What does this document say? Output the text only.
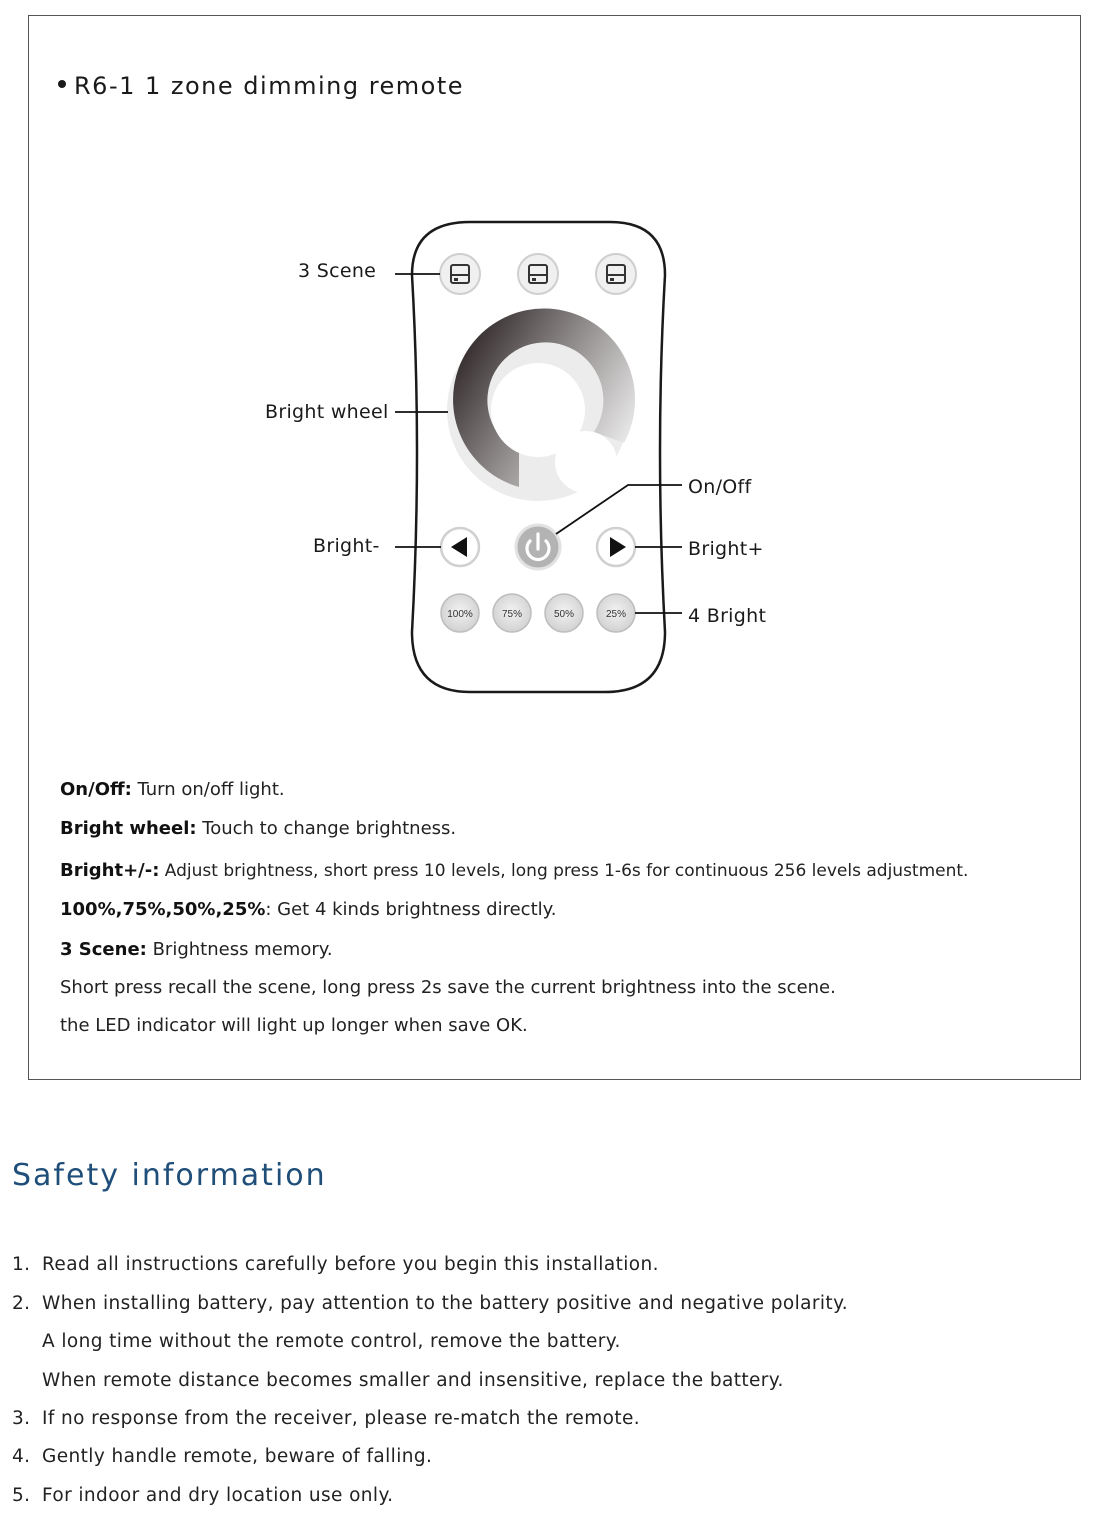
R6-1 1 zone dimming remote
100%	75%	50%	25%
3 Scene
Bright wheel
On/Off
Bright-	Bright+
4 Bright
On/Off: Turn on/off light.
Bright wheel: Touch to change brightness.
Bright+/-: Adjust brightness, short press 10 levels, long press 1-6s for continuous 256 levels adjustment.
100%,75%,50%,25%: Get 4 kinds brightness directly.
3 Scene: Brightness memory.
Short press recall the scene, long press 2s save the current brightness into the scene.
the LED indicator will light up longer when save OK.
Safety information
1. Read all instructions carefully before you begin this installation.
2. When installing battery, pay attention to the battery positive and negative polarity.
A long time without the remote control, remove the battery.
When remote distance becomes smaller and insensitive, replace the battery.
3. If no response from the receiver, please re-match the remote.
4. Gently handle remote, beware of falling.
5. For indoor and dry location use only.
